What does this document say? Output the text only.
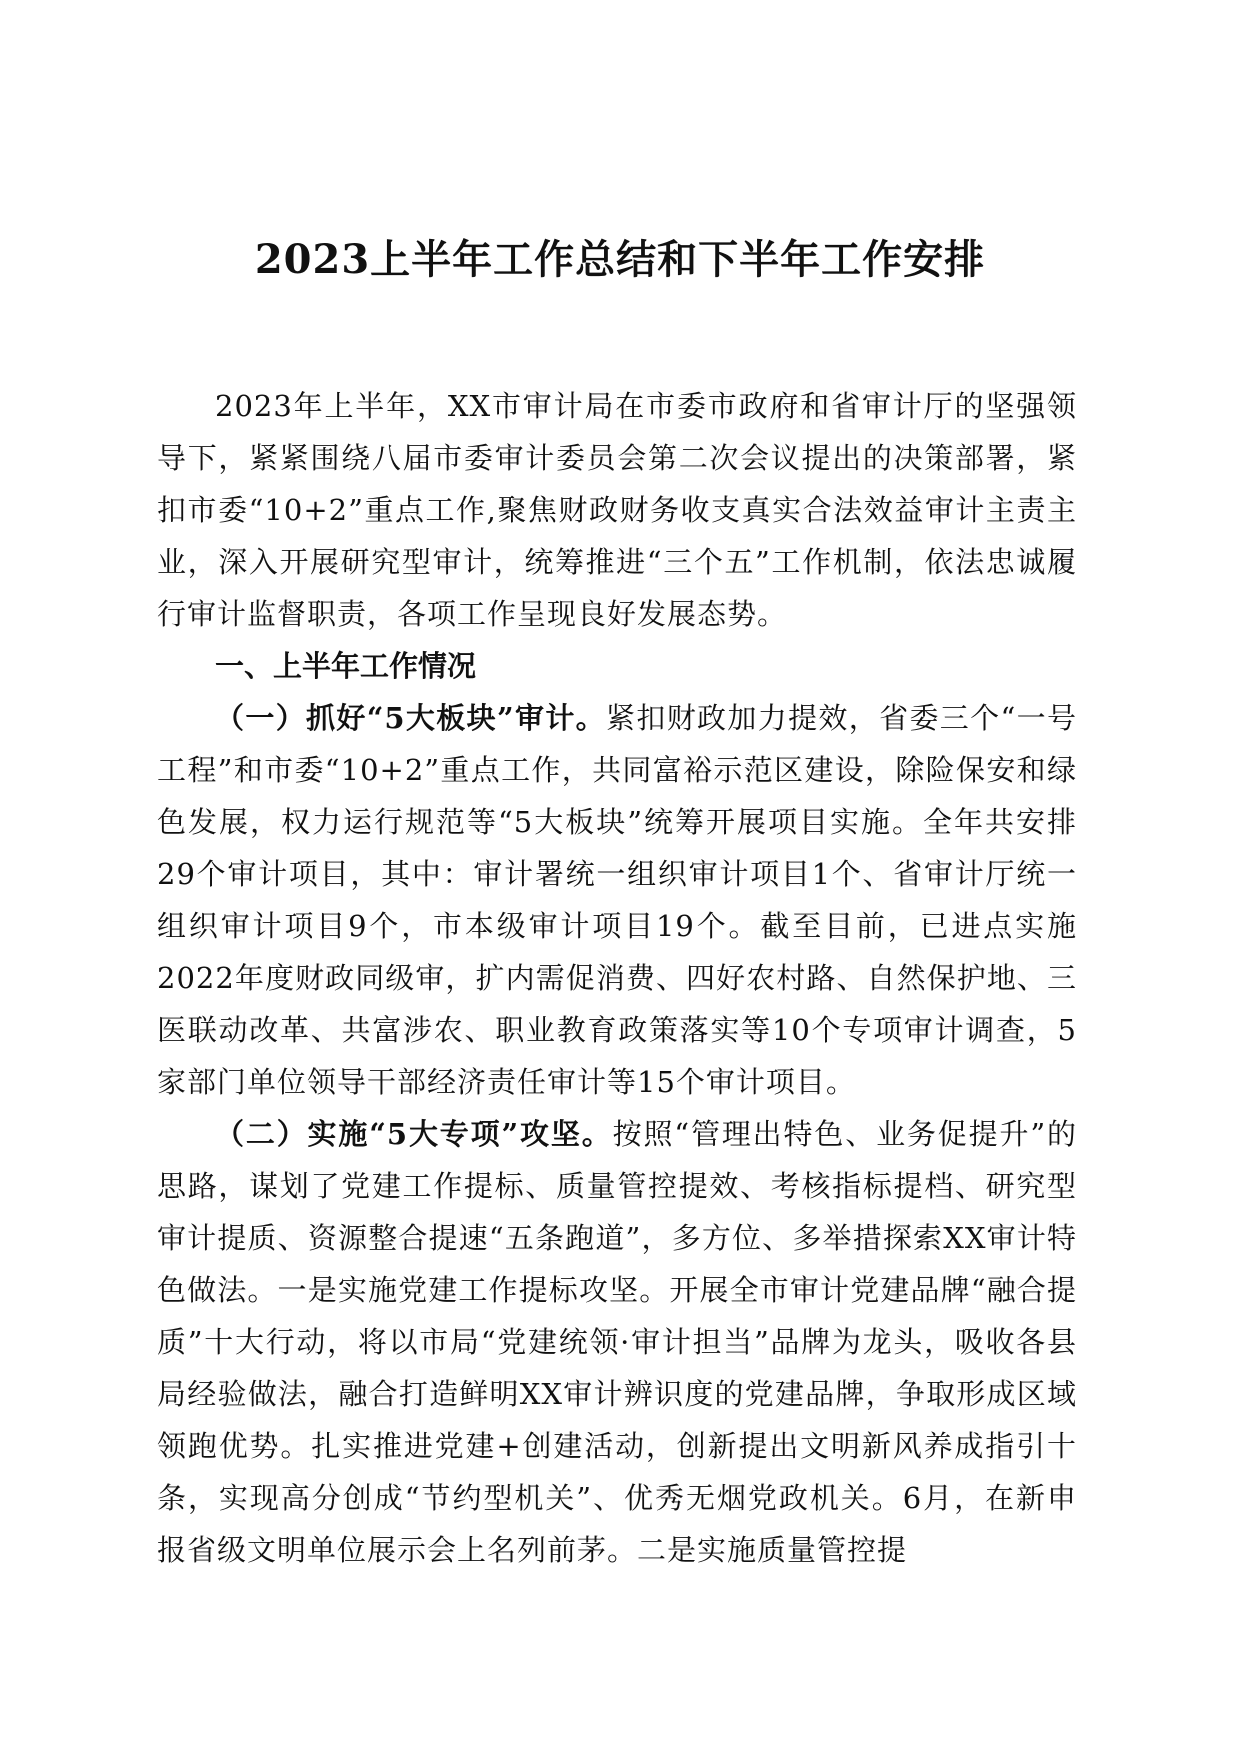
2023上半年工作总结和下半年工作安排

2023年上半年，XX市审计局在市委市政府和省审计厅的坚强领导下，紧紧围绕八届市委审计委员会第二次会议提出的决策部署，紧扣市委“10+2”重点工作,聚焦财政财务收支真实合法效益审计主责主业，深入开展研究型审计，统筹推进“三个五”工作机制，依法忠诚履行审计监督职责，各项工作呈现良好发展态势。

一、上半年工作情况

（一）抓好“5大板块”审计。紧扣财政加力提效，省委三个“一号工程”和市委“10+2”重点工作，共同富裕示范区建设，除险保安和绿色发展，权力运行规范等“5大板块”统筹开展项目实施。全年共安排29个审计项目，其中：审计署统一组织审计项目1个、省审计厅统一组织审计项目9个，市本级审计项目19个。截至目前，已进点实施2022年度财政同级审，扩内需促消费、四好农村路、自然保护地、三医联动改革、共富涉农、职业教育政策落实等10个专项审计调查，5家部门单位领导干部经济责任审计等15个审计项目。

（二）实施“5大专项”攻坚。按照“管理出特色、业务促提升”的思路，谋划了党建工作提标、质量管控提效、考核指标提档、研究型审计提质、资源整合提速“五条跑道”，多方位、多举措探索XX审计特色做法。一是实施党建工作提标攻坚。开展全市审计党建品牌“融合提质”十大行动，将以市局“党建统领·审计担当”品牌为龙头，吸收各县局经验做法，融合打造鲜明XX审计辨识度的党建品牌，争取形成区域领跑优势。扎实推进党建+创建活动，创新提出文明新风养成指引十条，实现高分创成“节约型机关”、优秀无烟党政机关。6月，在新申报省级文明单位展示会上名列前茅。二是实施质量管控提
